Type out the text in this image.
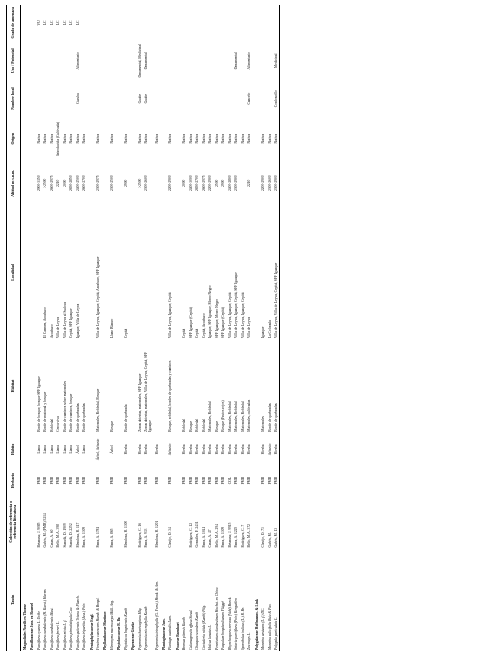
Taxón	Colección de referencia o referencia literatura	Herbario	Hábito	Hábitat	Localidad	Altitud m s.n.m.	Origen	Nombre local	Uso / Potencial	Grado de amenaza
Magnoliales Nordh ex Thorne										
Passifloraceae Juss. ex Roussel										
Passiflora cyanea L. Uribe	Betancur, J. 9085	PMB	Liana	Borde de bosque, bosque SPF Iguaque		2900-3150	Nativa			VU
Passiflora cumbalensis (H. Karst.) Harms	Galvis, M. (PMB) 5214	PMB	Liana	Borde de matorral y bosque	El Carmen, Arcabuco	>2500	Nativa			LC
Passiflora cumbalensis Mast.	Casas, A. 60	PMB	Liana	Robledal	Arcabuco	2600-2975	Nativa			LC
Passiflora ferreri L.	Bello, M.A. 398	PMB	Liana	Cerca viva	Villa de Leyva	2210	Introducida (Cultivada)			LC
Passiflora mixta L. f.	Stancik, D. 1909	PMB	Liana	Borde de caminos sobre matorrales	Villa de Leyva al Sudoca	2000	Nativa			LC
Passiflora pinnatistipula Cav.	Stancik, D. 2252	PMB	Liana	Borde de caminos, bosque	Cepitá, SFF Iguaque	2650-2850	Nativa			LC
Passiflora quitensis Triana & Planch.	Mendoza, H. 117	PMB	Árbol	Borde de quebradas	Iguaque, Villa de Leyva	2400-2500	Nativa	Curuba	Alimentario	LC
Passiflora tripartita (Juss.) Poir.	Parra, A. 1309	PMB	Liana	Borde de quebradas		2600-2700	Nativa			
Pentaphylacaceae Engl.										
Freziera canescens Humb. & Bonpl.	Parra, A. 1781	PMB	Árbol, Arbusto	Matorrales, Robledal, Bosque	Villa de Leyva, Iguaque, Cepitá, Arcabuco, SFF Iguaque	2300-2975	Nativa			
Phyllanthaceae Martinov										
Hieronyma macrocarpa Müll. Arg.	Parra, A. 865	PMB	Árbol	Bosque	Llano Blanco	2300-2500	Nativa			
Phytolaccaceae R. Br.										
Phytolacca bogotensis Kunth	Mendoza, H. 1300	PMB	Hierba	Borde de quebrada	Cepitá	2900	Nativa			
Piperaceae Giseke										
Peperomia hartwegiana Miq.	Rodríguez, C. 16	PMB	Hierba	Zonas abiertas, matorrales, SFF Iguaque		>2500	Nativa	Guabe	Ornamental, Medicinal	
Peperomia microphylla Kunth	Parra, A. 933	PMB	Hierba	Zonas abiertas, matorrales, Villa de Leyva, Cepitá, SFF Iguaque		2300-2600	Nativa	Guabe	Ornamental	
Peperomia tetraphylla (G. Forst.) Hook. & Arn.	Mendoza, H. 1201	PMB	Hierba				Nativa			
Plantaginaceae Juss.										
Plantago australis Lam.	Clavijo, O. 34	PMB	Arbusto	Bosque, robledal, bordes de quebradas y caminos	Villa de Leyva, Iguaque, Cepitá	2200-2900	Nativa			
Poaceae Barnhart										
Bromus pitensis Kunth		PMB	Hierba	Robledal	Cepitá	2000	Nativa			
Calamagrostis effusa Steud.	Rodríguez, C. 12	PMB	Hierba	Bosque	SFF Iguaque (Cepitá)	2400-3000	Nativa			
Chusquea scandens Kunth	González, F. 2431	PMB	Hierba	Robledal	Cepitá	2650-2700	Nativa			
Cortaderia nitida (Kunth) Pilg.	Parra, A. 1041	PMB	Hierba	Robledal	Cepitá, Arcabuco	2600-2975	Nativa			
Holcus lanatus L.	Casas, A. 47	PMB	Hierba	Matorrales, Robledal	Iguaque, SFF Iguaque, Morro Negro	2200-2900	Nativa			
Pennisetum clandestinum Hochst. ex Chiov.	Bello, M.A. 294	PMB	Hierba	Bosque	SFF Iguaque, Morro Negro	2500	Nativa			
Paspalum bonplandianum Flüggé	Parra, A. 1309	PMB	Hierba	Bosque (Frutos rojos)	SFF Iguaque (Cepitá)	2900	Nativa			
Rhynchospora nervosa (Vahl) Boeck.	Betancur, J. 9915	COL	Hierba	Matorrales, Robledal	Villa de Leyva, Iguaque, Cepitá	2400-2800	Nativa			
Setaria parviflora (Poir.) Kerguélen	Parra, A. 1225	PMB	Hierba	Matorrales, Robledal	Villa de Leyva, Iguaque, Cepitá, SFF Iguaque	2300-2900	Nativa		Ornamental	
Sporobolus indicus (L.) R. Br.	Rodríguez, C. 7	PMB	Hierba	Matorrales, Robledal	Villa de Leyva, Iguaque, Cepitá		Nativa			
Zea mays L.	Bello, M.A. 372	PMB	Hierba	Matorrales, cultivadas	Villa de Leyva	2210	Nativa	Cancelo	Alimentario	
Polygalaceae Hoffmanns. & Link										
Monnina aestuans (L. f.) DC.	Clavijo, O. 73	PMB	Hierba	Matorrales	Iguaque	2200-2900	Nativa			
Monnina salicifolia Ruiz & Pav.	Galvis, M.	PMB	Arbusto	Borde de quebradas	La Colorada	2300-2600	Nativa			
Polygala paniculata L.	Galvis, M. 13	PMB	Hierba	Borde de quebradas	Villa de Leyva, Villa de Leyva, Cepitá, SFF Iguaque	2300-2900	Nativa	Cordoncillo	Medicinal	
